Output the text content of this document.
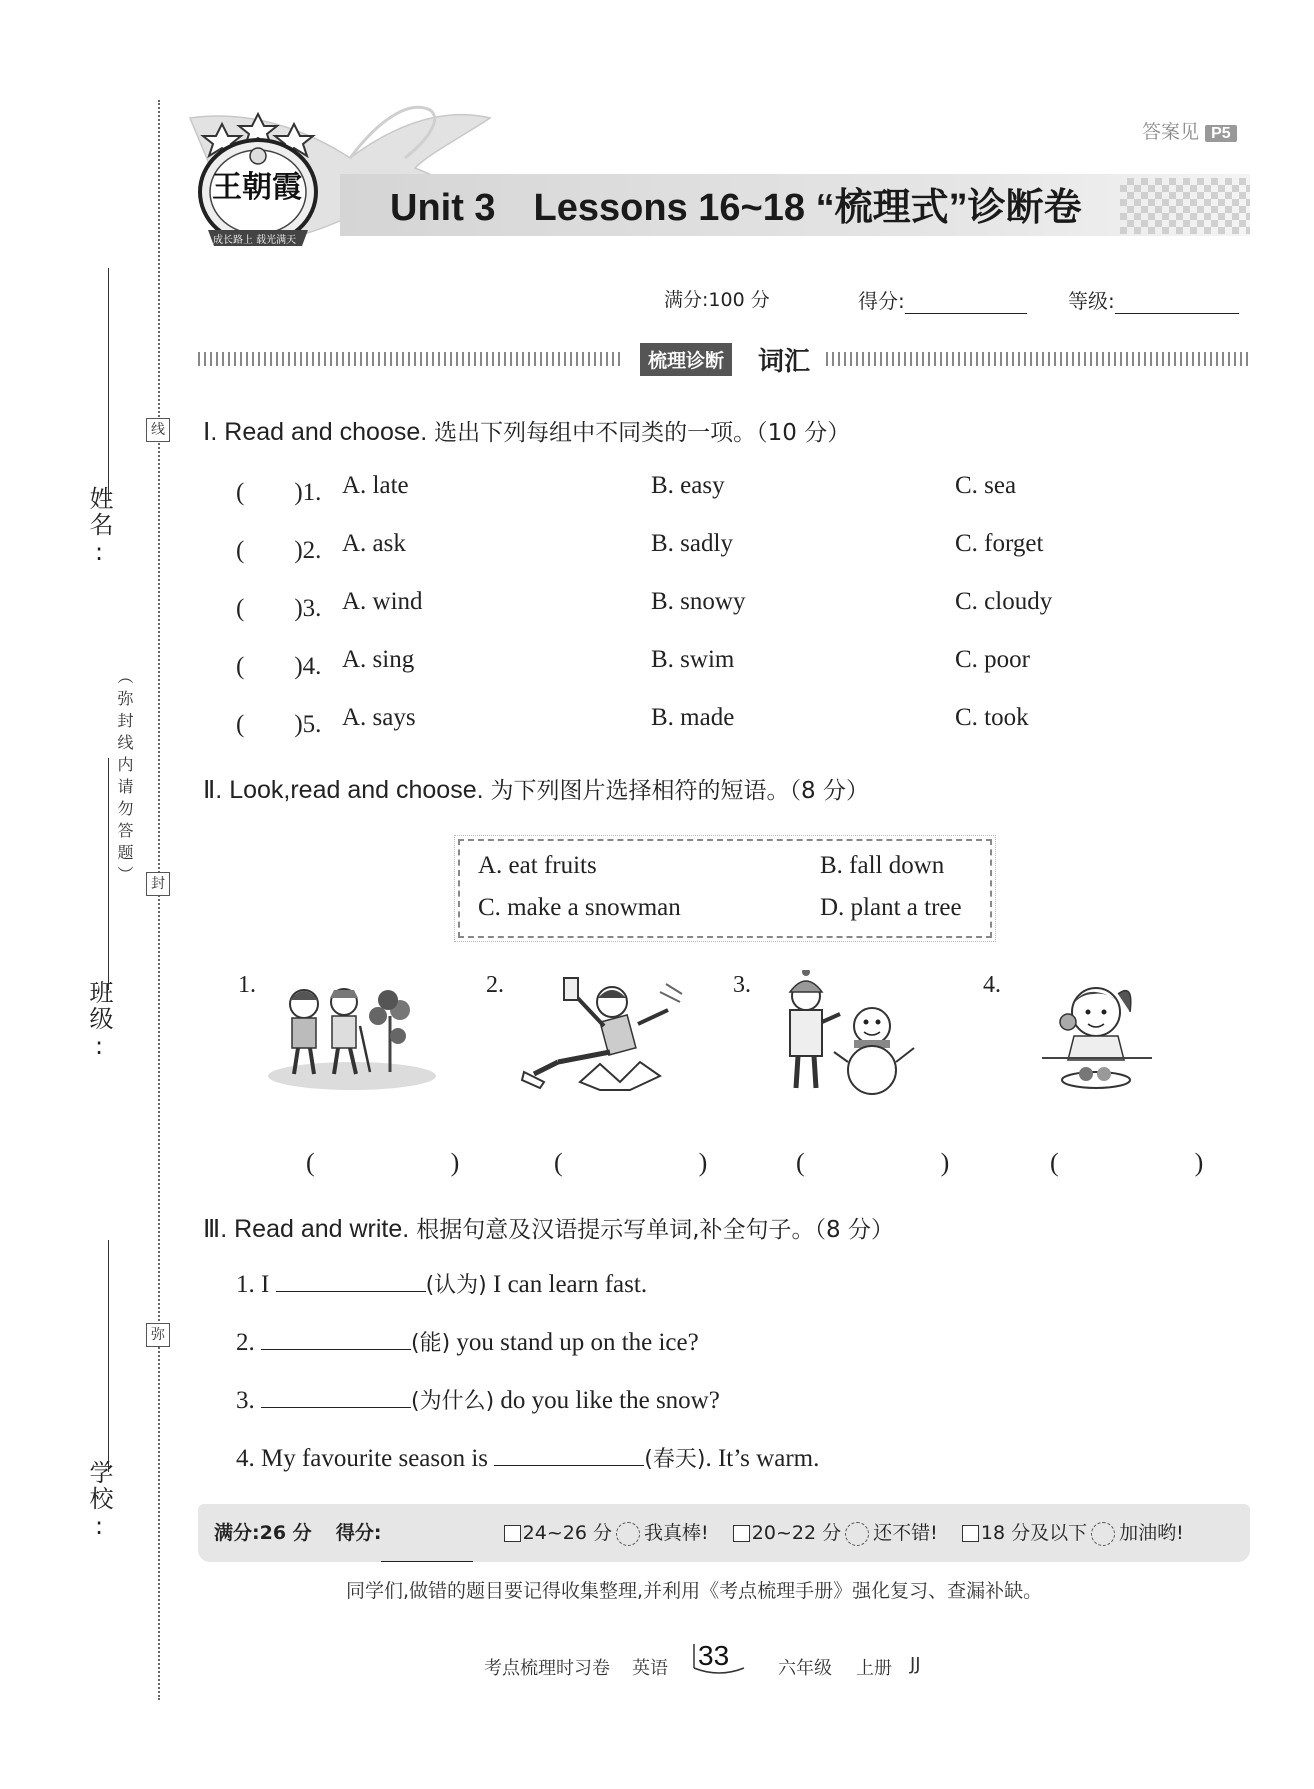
姓名:
班级:
学校:
线
封
弥
（弥封线内请勿答题）
答案见 P5
王朝霞
成长路上 载光满天
Unit 3　Lessons 16~18 “梳理式”诊断卷
满分:100 分	得分:	等级:
梳理诊断	词汇
Ⅰ. Read and choose. 选出下列每组中不同类的一项。（10 分）
(　　)1. A. late	B. easy	C. sea
(　　)2. A. ask	B. sadly	C. forget
(　　)3. A. wind	B. snowy	C. cloudy
(　　)4. A. sing	B. swim	C. poor
(　　)5. A. says	B. made	C. took
Ⅱ. Look,read and choose. 为下列图片选择相符的短语。（8 分）
A. eat fruits	B. fall down
C. make a snowman	D. plant a tree
1.	2.	3.	4.
(　　)	(　　) (　　)	(　　)
Ⅲ. Read and write. 根据句意及汉语提示写单词,补全句子。（8 分）
1. I	(认为) I can learn fast.
2.	(能) you stand up on the ice?
3.	(为什么) do you like the snow?
4. My favourite season is	(春天). It’s warm.
满分:26 分 得分:	24~26 分 我真棒! 20~22 分 还不错! 18 分及以下 加油哟!
同学们,做错的题目要记得收集整理,并利用《考点梳理手册》强化复习、查漏补缺。
考点梳理时习卷 英语 33	六年级 上册 JJ
